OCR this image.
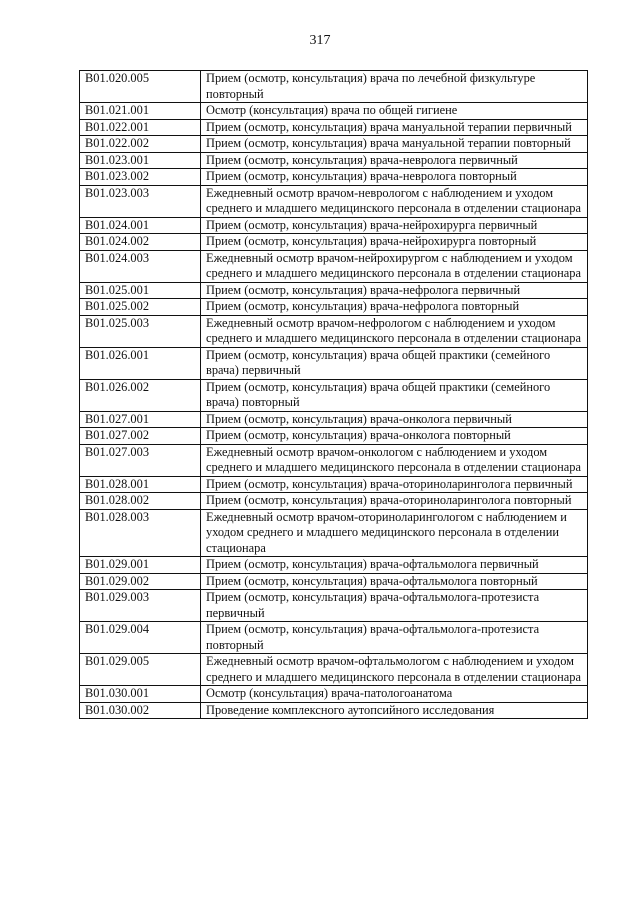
317
B01.020.005	Прием (осмотр, консультация) врача по лечебной физкультуре повторный
B01.021.001	Осмотр (консультация) врача по общей гигиене
B01.022.001	Прием (осмотр, консультация) врача мануальной терапии первичный
B01.022.002	Прием (осмотр, консультация) врача мануальной терапии повторный
B01.023.001	Прием (осмотр, консультация) врача-невролога первичный
B01.023.002	Прием (осмотр, консультация) врача-невролога повторный
B01.023.003	Ежедневный осмотр врачом-неврологом с наблюдением и уходом среднего и младшего медицинского персонала в отделении стационара
B01.024.001	Прием (осмотр, консультация) врача-нейрохирурга первичный
B01.024.002	Прием (осмотр, консультация) врача-нейрохирурга повторный
B01.024.003	Ежедневный осмотр врачом-нейрохирургом с наблюдением и уходом среднего и младшего медицинского персонала в отделении стационара
B01.025.001	Прием (осмотр, консультация) врача-нефролога первичный
B01.025.002	Прием (осмотр, консультация) врача-нефролога повторный
B01.025.003	Ежедневный осмотр врачом-нефрологом с наблюдением и уходом среднего и младшего медицинского персонала в отделении стационара
B01.026.001	Прием (осмотр, консультация) врача общей практики (семейного врача) первичный
B01.026.002	Прием (осмотр, консультация) врача общей практики (семейного врача) повторный
B01.027.001	Прием (осмотр, консультация) врача-онколога первичный
B01.027.002	Прием (осмотр, консультация) врача-онколога повторный
B01.027.003	Ежедневный осмотр врачом-онкологом с наблюдением и уходом среднего и младшего медицинского персонала в отделении стационара
B01.028.001	Прием (осмотр, консультация) врача-оториноларинголога первичный
B01.028.002	Прием (осмотр, консультация) врача-оториноларинголога повторный
B01.028.003	Ежедневный осмотр врачом-оториноларингологом с наблюдением и уходом среднего и младшего медицинского персонала в отделении стационара
B01.029.001	Прием (осмотр, консультация) врача-офтальмолога первичный
B01.029.002	Прием (осмотр, консультация) врача-офтальмолога повторный
B01.029.003	Прием (осмотр, консультация) врача-офтальмолога-протезиста первичный
B01.029.004	Прием (осмотр, консультация) врача-офтальмолога-протезиста повторный
B01.029.005	Ежедневный осмотр врачом-офтальмологом с наблюдением и уходом среднего и младшего медицинского персонала в отделении стационара
B01.030.001	Осмотр (консультация) врача-патологоанатома
B01.030.002	Проведение комплексного аутопсийного исследования
